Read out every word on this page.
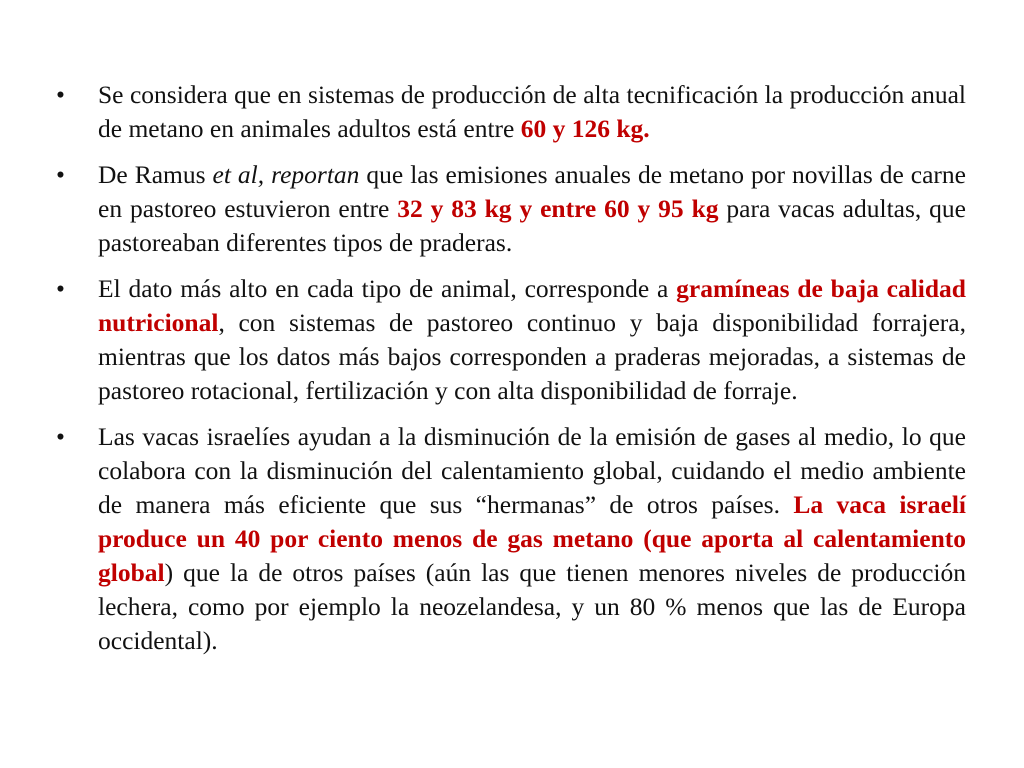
• Se considera que en sistemas de producción de alta tecnificación la producción anual de metano en animales adultos está entre 60 y 126 kg.
• De Ramus et al, reportan que las emisiones anuales de metano por novillas de carne en pastoreo estuvieron entre 32 y 83 kg y entre 60 y 95 kg para vacas adultas, que pastoreaban diferentes tipos de praderas.
• El dato más alto en cada tipo de animal, corresponde a gramíneas de baja calidad nutricional, con sistemas de pastoreo continuo y baja disponibilidad forrajera, mientras que los datos más bajos corresponden a praderas mejoradas, a sistemas de pastoreo rotacional, fertilización y con alta disponibilidad de forraje.
• Las vacas israelíes ayudan a la disminución de la emisión de gases al medio, lo que colabora con la disminución del calentamiento global, cuidando el medio ambiente de manera más eficiente que sus “hermanas” de otros países. La vaca israelí produce un 40 por ciento menos de gas metano (que aporta al calentamiento global) que la de otros países (aún las que tienen menores niveles de producción lechera, como por ejemplo la neozelandesa, y un 80 % menos que las de Europa occidental).
